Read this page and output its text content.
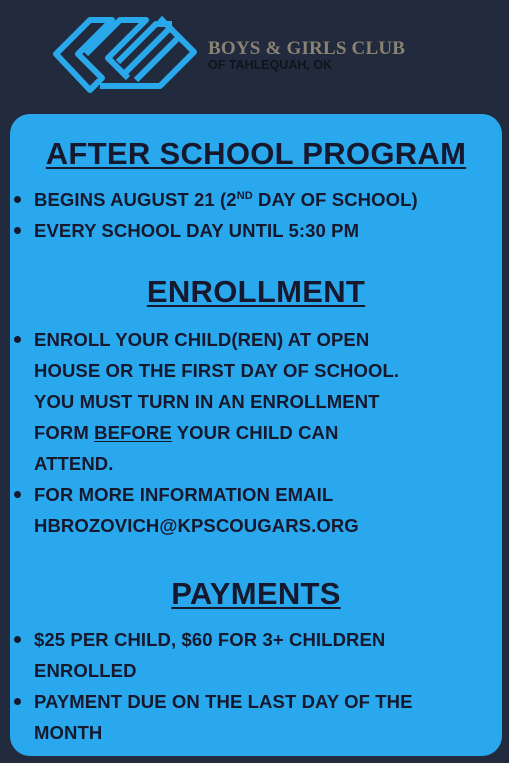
BOYS & GIRLS CLUB
OF TAHLEQUAH, OK
AFTER SCHOOL PROGRAM
BEGINS AUGUST 21 (2ND DAY OF SCHOOL)
EVERY SCHOOL DAY UNTIL 5:30 PM
ENROLLMENT
ENROLL YOUR CHILD(REN) AT OPEN
HOUSE OR THE FIRST DAY OF SCHOOL.
YOU MUST TURN IN AN ENROLLMENT
FORM BEFORE YOUR CHILD CAN
ATTEND.
FOR MORE INFORMATION EMAIL
HBROZOVICH@KPSCOUGARS.ORG
PAYMENTS
$25 PER CHILD, $60 FOR 3+ CHILDREN
ENROLLED
PAYMENT DUE ON THE LAST DAY OF THE
MONTH
